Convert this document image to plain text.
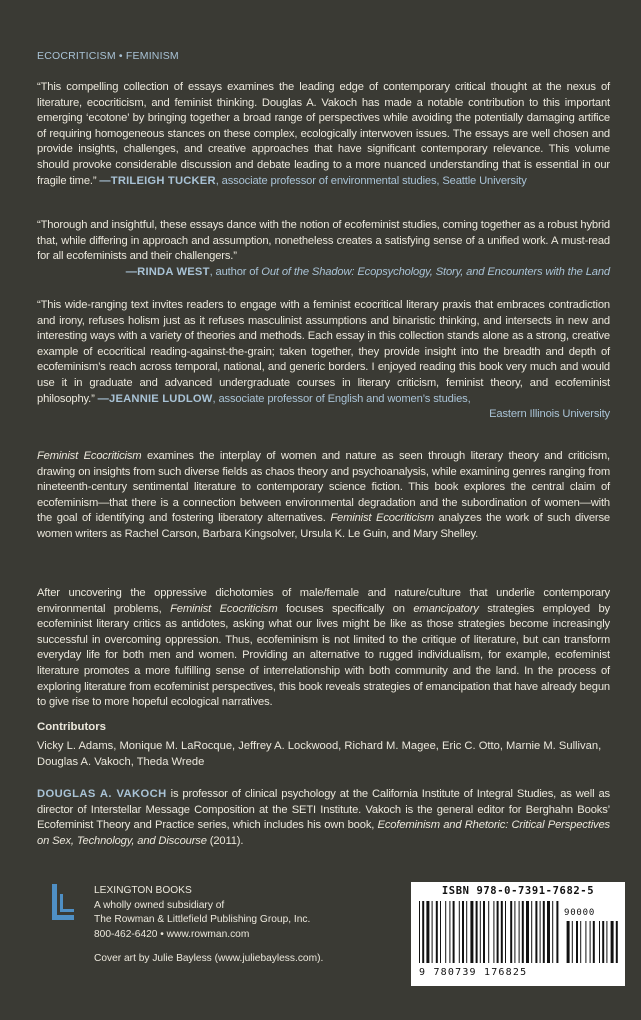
ECOCRITICISM • FEMINISM
“This compelling collection of essays examines the leading edge of contemporary critical thought at the nexus of literature, ecocriticism, and feminist thinking. Douglas A. Vakoch has made a notable contribution to this important emerging ‘ecotone’ by bringing together a broad range of perspectives while avoiding the potentially damaging artifice of requiring homogeneous stances on these complex, ecologically interwoven issues. The essays are well chosen and provide insights, challenges, and creative approaches that have significant contemporary relevance. This volume should provoke considerable discussion and debate leading to a more nuanced understanding that is essential in our fragile time.” —TRILEIGH TUCKER, associate professor of environmental studies, Seattle University
“Thorough and insightful, these essays dance with the notion of ecofeminist studies, coming together as a robust hybrid that, while differing in approach and assumption, nonetheless creates a satisfying sense of a unified work. A must-read for all ecofeminists and their challengers.”
—RINDA WEST, author of Out of the Shadow: Ecopsychology, Story, and Encounters with the Land
“This wide-ranging text invites readers to engage with a feminist ecocritical literary praxis that embraces contradiction and irony, refuses holism just as it refuses masculinist assumptions and binaristic thinking, and intersects in new and interesting ways with a variety of theories and methods. Each essay in this collection stands alone as a strong, creative example of ecocritical reading-against-the-grain; taken together, they provide insight into the breadth and depth of ecofeminism’s reach across temporal, national, and generic borders. I enjoyed reading this book very much and would use it in graduate and advanced undergraduate courses in literary criticism, feminist theory, and ecofeminist philosophy.” —JEANNIE LUDLOW, associate professor of English and women’s studies,
Eastern Illinois University
Feminist Ecocriticism examines the interplay of women and nature as seen through literary theory and criticism, drawing on insights from such diverse fields as chaos theory and psychoanalysis, while examining genres ranging from nineteenth-century sentimental literature to contemporary science fiction. This book explores the central claim of ecofeminism—that there is a connection between environmental degradation and the subordination of women—with the goal of identifying and fostering liberatory alternatives. Feminist Ecocriticism analyzes the work of such diverse women writers as Rachel Carson, Barbara Kingsolver, Ursula K. Le Guin, and Mary Shelley.
After uncovering the oppressive dichotomies of male/female and nature/culture that underlie contemporary environmental problems, Feminist Ecocriticism focuses specifically on emancipatory strategies employed by ecofeminist literary critics as antidotes, asking what our lives might be like as those strategies become increasingly successful in overcoming oppression. Thus, ecofeminism is not limited to the critique of literature, but can transform everyday life for both men and women. Providing an alternative to rugged individualism, for example, ecofeminist literature promotes a more fulfilling sense of interrelationship with both community and the land. In the process of exploring literature from ecofeminist perspectives, this book reveals strategies of emancipation that have already begun to give rise to more hopeful ecological narratives.
Contributors
Vicky L. Adams, Monique M. LaRocque, Jeffrey A. Lockwood, Richard M. Magee, Eric C. Otto, Marnie M. Sullivan, Douglas A. Vakoch, Theda Wrede
DOUGLAS A. VAKOCH is professor of clinical psychology at the California Institute of Integral Studies, as well as director of Interstellar Message Composition at the SETI Institute. Vakoch is the general editor for Berghahn Books’ Ecofeminist Theory and Practice series, which includes his own book, Ecofeminism and Rhetoric: Critical Perspectives on Sex, Technology, and Discourse (2011).
LEXINGTON BOOKS
A wholly owned subsidiary of
The Rowman & Littlefield Publishing Group, Inc.
800-462-6420 • www.rowman.com
Cover art by Julie Bayless (www.juliebayless.com).
ISBN 978-0-7391-7682-5
9 780739 176825
90000
